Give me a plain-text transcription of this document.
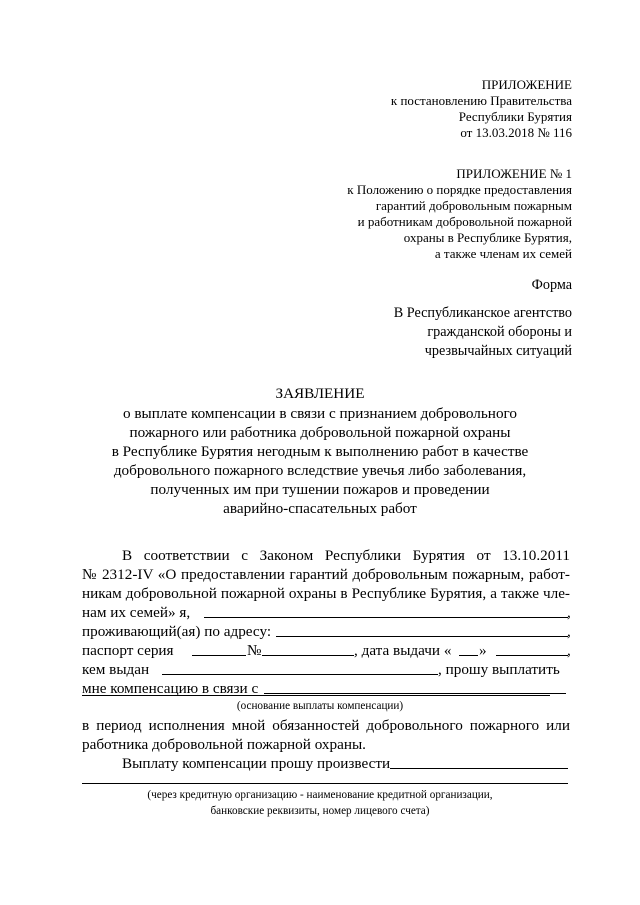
ПРИЛОЖЕНИЕ
к постановлению Правительства
Республики Бурятия
от 13.03.2018 № 116
ПРИЛОЖЕНИЕ № 1
к Положению о порядке предоставления
гарантий добровольным пожарным
и работникам добровольной пожарной
охраны в Республике Бурятия,
а также членам их семей
Форма
В Республиканское агентство
гражданской обороны и
чрезвычайных ситуаций
ЗАЯВЛЕНИЕ
о выплате компенсации в связи с признанием добровольного
пожарного или работника добровольной пожарной охраны
в Республике Бурятия негодным к выполнению работ в качестве
добровольного пожарного вследствие увечья либо заболевания,
полученных им при тушении пожаров и проведении
аварийно-спасательных работ
В соответствии с Законом Республики Бурятия от 13.10.2011
№ 2312-IV «О предоставлении гарантий добровольным пожарным, работ-
никам добровольной пожарной охраны в Республике Бурятия, а также чле-
нам их семей» я,	,
проживающий(ая) по адресу:	,
паспорт серия	№	, дата выдачи « »	,
кем выдан	, прошу выплатить
мне компенсацию в связи с
(основание выплаты компенсации)
в период исполнения мной обязанностей добровольного пожарного или
работника добровольной пожарной охраны.
Выплату компенсации прошу произвести
(через кредитную организацию - наименование кредитной организации,
банковские реквизиты, номер лицевого счета)
